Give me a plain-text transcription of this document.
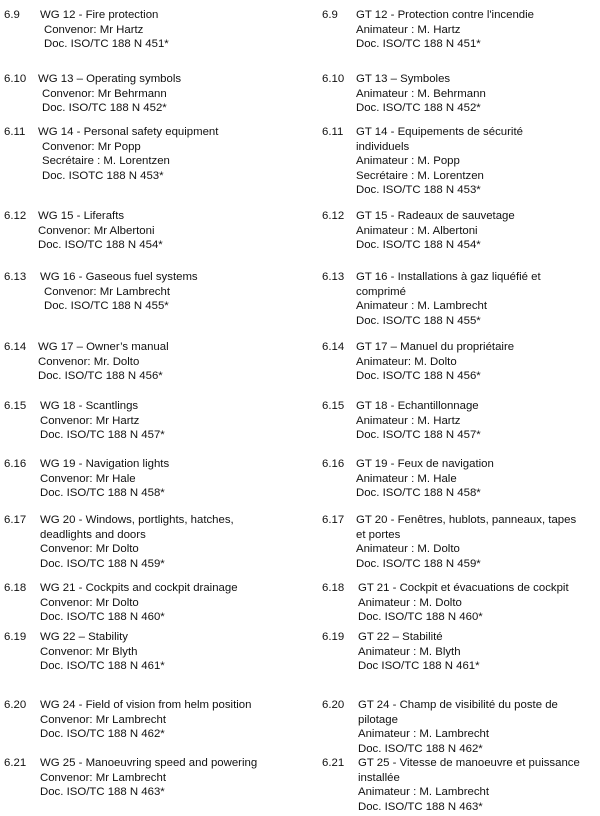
6.9 WG 12 - Fire protection
Convenor: Mr Hartz
Doc. ISO/TC 188 N 451*
6.10 WG 13 – Operating symbols
Convenor: Mr Behrmann
Doc. ISO/TC 188 N 452*
6.11 WG 14 - Personal safety equipment
Convenor: Mr Popp
Secrétaire : M. Lorentzen
Doc. ISOTC 188 N 453*
6.12 WG 15 - Liferafts
Convenor: Mr Albertoni
Doc. ISO/TC 188 N 454*
6.13 WG 16 - Gaseous fuel systems
Convenor: Mr Lambrecht
Doc. ISO/TC 188 N 455*
6.14 WG 17 – Owner’s manual
Convenor: Mr. Dolto
Doc. ISO/TC 188 N 456*
6.15 WG 18 - Scantlings
Convenor: Mr Hartz
Doc. ISO/TC 188 N 457*
6.16 WG 19 - Navigation lights
Convenor: Mr Hale
Doc. ISO/TC 188 N 458*
6.17 WG 20 - Windows, portlights, hatches,
deadlights and doors
Convenor: Mr Dolto
Doc. ISO/TC 188 N 459*
6.18 WG 21 - Cockpits and cockpit drainage
Convenor: Mr Dolto
Doc. ISO/TC 188 N 460*
6.19 WG 22 – Stability
Convenor: Mr Blyth
Doc. ISO/TC 188 N 461*
6.20 WG 24 - Field of vision from helm position
Convenor: Mr Lambrecht
Doc. ISO/TC 188 N 462*
6.21 WG 25 - Manoeuvring speed and powering
Convenor: Mr Lambrecht
Doc. ISO/TC 188 N 463*
6.9 GT 12 - Protection contre l'incendie
Animateur : M. Hartz
Doc. ISO/TC 188 N 451*
6.10 GT 13 – Symboles
Animateur : M. Behrmann
Doc. ISO/TC 188 N 452*
6.11 GT 14 - Equipements de sécurité
individuels
Animateur : M. Popp
Secrétaire : M. Lorentzen
Doc. ISO/TC 188 N 453*
6.12 GT 15 - Radeaux de sauvetage
Animateur : M. Albertoni
Doc. ISO/TC 188 N 454*
6.13 GT 16 - Installations à gaz liquéfié et
comprimé
Animateur : M. Lambrecht
Doc. ISO/TC 188 N 455*
6.14 GT 17 – Manuel du propriétaire
Animateur: M. Dolto
Doc. ISO/TC 188 N 456*
6.15 GT 18 - Echantillonnage
Animateur : M. Hartz
Doc. ISO/TC 188 N 457*
6.16 GT 19 - Feux de navigation
Animateur : M. Hale
Doc. ISO/TC 188 N 458*
6.17 GT 20 - Fenêtres, hublots, panneaux, tapes
et portes
Animateur : M. Dolto
Doc. ISO/TC 188 N 459*
6.18 GT 21 - Cockpit et évacuations de cockpit
Animateur : M. Dolto
Doc. ISO/TC 188 N 460*
6.19 GT 22 – Stabilité
Animateur : M. Blyth
Doc ISO/TC 188 N 461*
6.20 GT 24 - Champ de visibilité du poste de
pilotage
Animateur : M. Lambrecht
Doc. ISO/TC 188 N 462*
6.21 GT 25 - Vitesse de manoeuvre et puissance
installée
Animateur : M. Lambrecht
Doc. ISO/TC 188 N 463*
